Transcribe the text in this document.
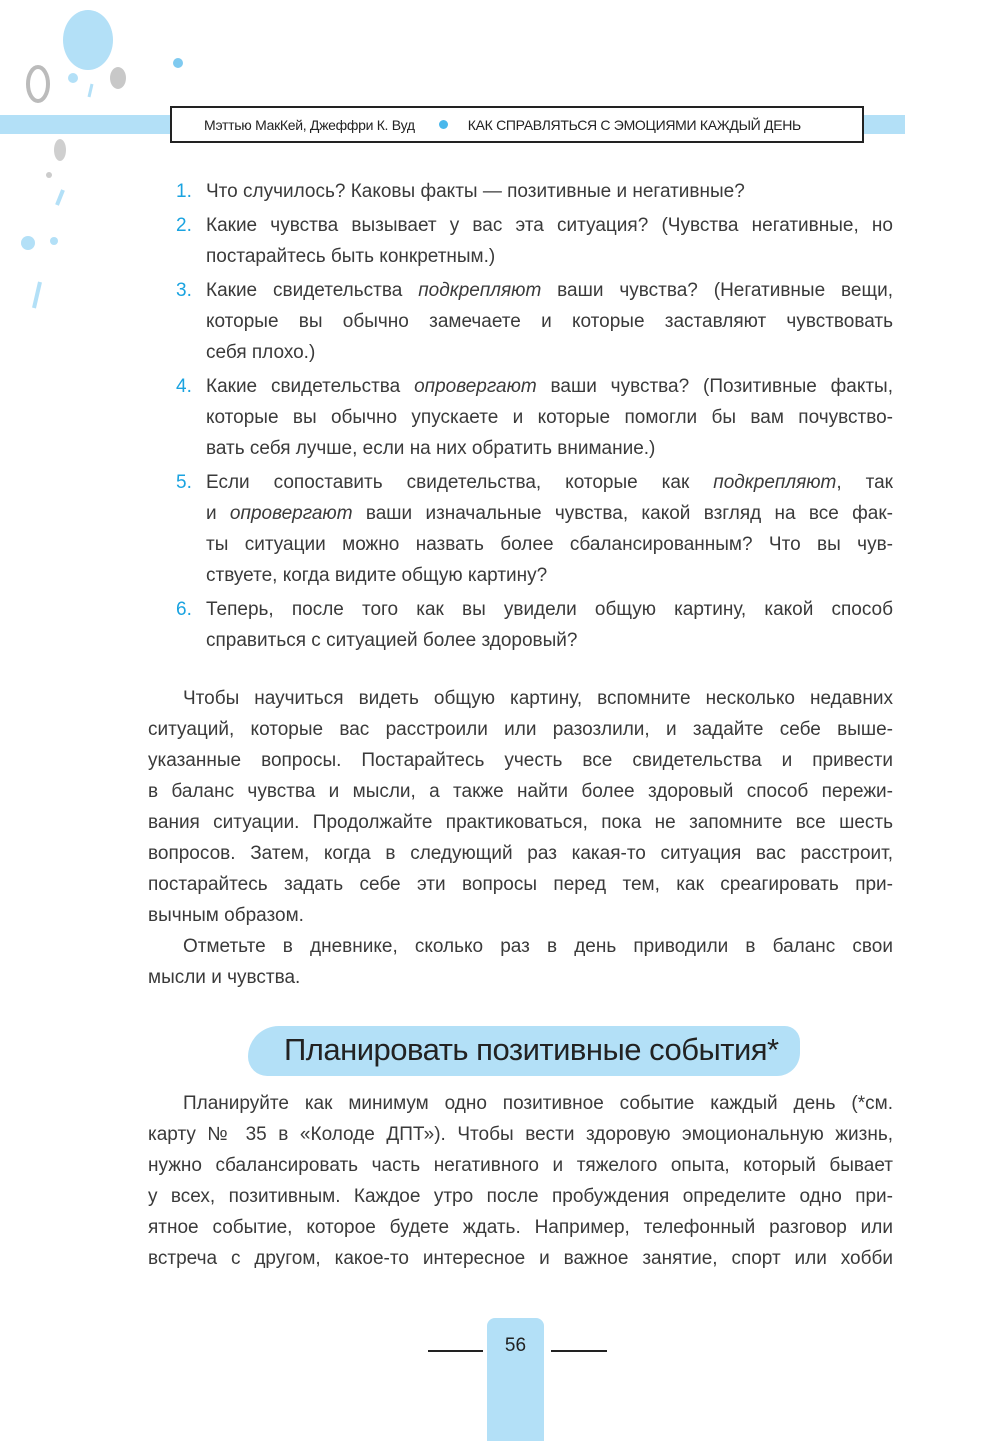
Мэттью МакКей, Джеффри К. Вуд	КАК СПРАВЛЯТЬСЯ С ЭМОЦИЯМИ КАЖДЫЙ ДЕНЬ
1. Что случилось? Каковы факты — позитивные и негативные?
2. Какие чувства вызывает у вас эта ситуация? (Чувства негативные, но
постарайтесь быть конкретным.)
3. Какие свидетельства подкрепляют ваши чувства? (Негативные вещи,
которые вы обычно замечаете и которые заставляют чувствовать
себя плохо.)
4. Какие свидетельства опровергают ваши чувства? (Позитивные факты,
которые вы обычно упускаете и которые помогли бы вам почувство-
вать себя лучше, если на них обратить внимание.)
5. Если сопоставить свидетельства, которые как подкрепляют, так
и опровергают ваши изначальные чувства, какой взгляд на все фак-
ты ситуации можно назвать более сбалансированным? Что вы чув-
ствуете, когда видите общую картину?
6. Теперь, после того как вы увидели общую картину, какой способ
справиться с ситуацией более здоровый?
Чтобы научиться видеть общую картину, вспомните несколько недавних
ситуаций, которые вас расстроили или разозлили, и задайте себе выше-
указанные вопросы. Постарайтесь учесть все свидетельства и привести
в баланс чувства и мысли, а также найти более здоровый способ пережи-
вания ситуации. Продолжайте практиковаться, пока не запомните все шесть
вопросов. Затем, когда в следующий раз какая-то ситуация вас расстроит,
постарайтесь задать себе эти вопросы перед тем, как среагировать при-
вычным образом.
Отметьте в дневнике, сколько раз в день приводили в баланс свои
мысли и чувства.
Планировать позитивные события*
Планируйте как минимум одно позитивное событие каждый день (*см.
карту № 35 в «Колоде ДПТ»). Чтобы вести здоровую эмоциональную жизнь,
нужно сбалансировать часть негативного и тяжелого опыта, который бывает
у всех, позитивным. Каждое утро после пробуждения определите одно при-
ятное событие, которое будете ждать. Например, телефонный разговор или
встреча с другом, какое-то интересное и важное занятие, спорт или хобби
56
